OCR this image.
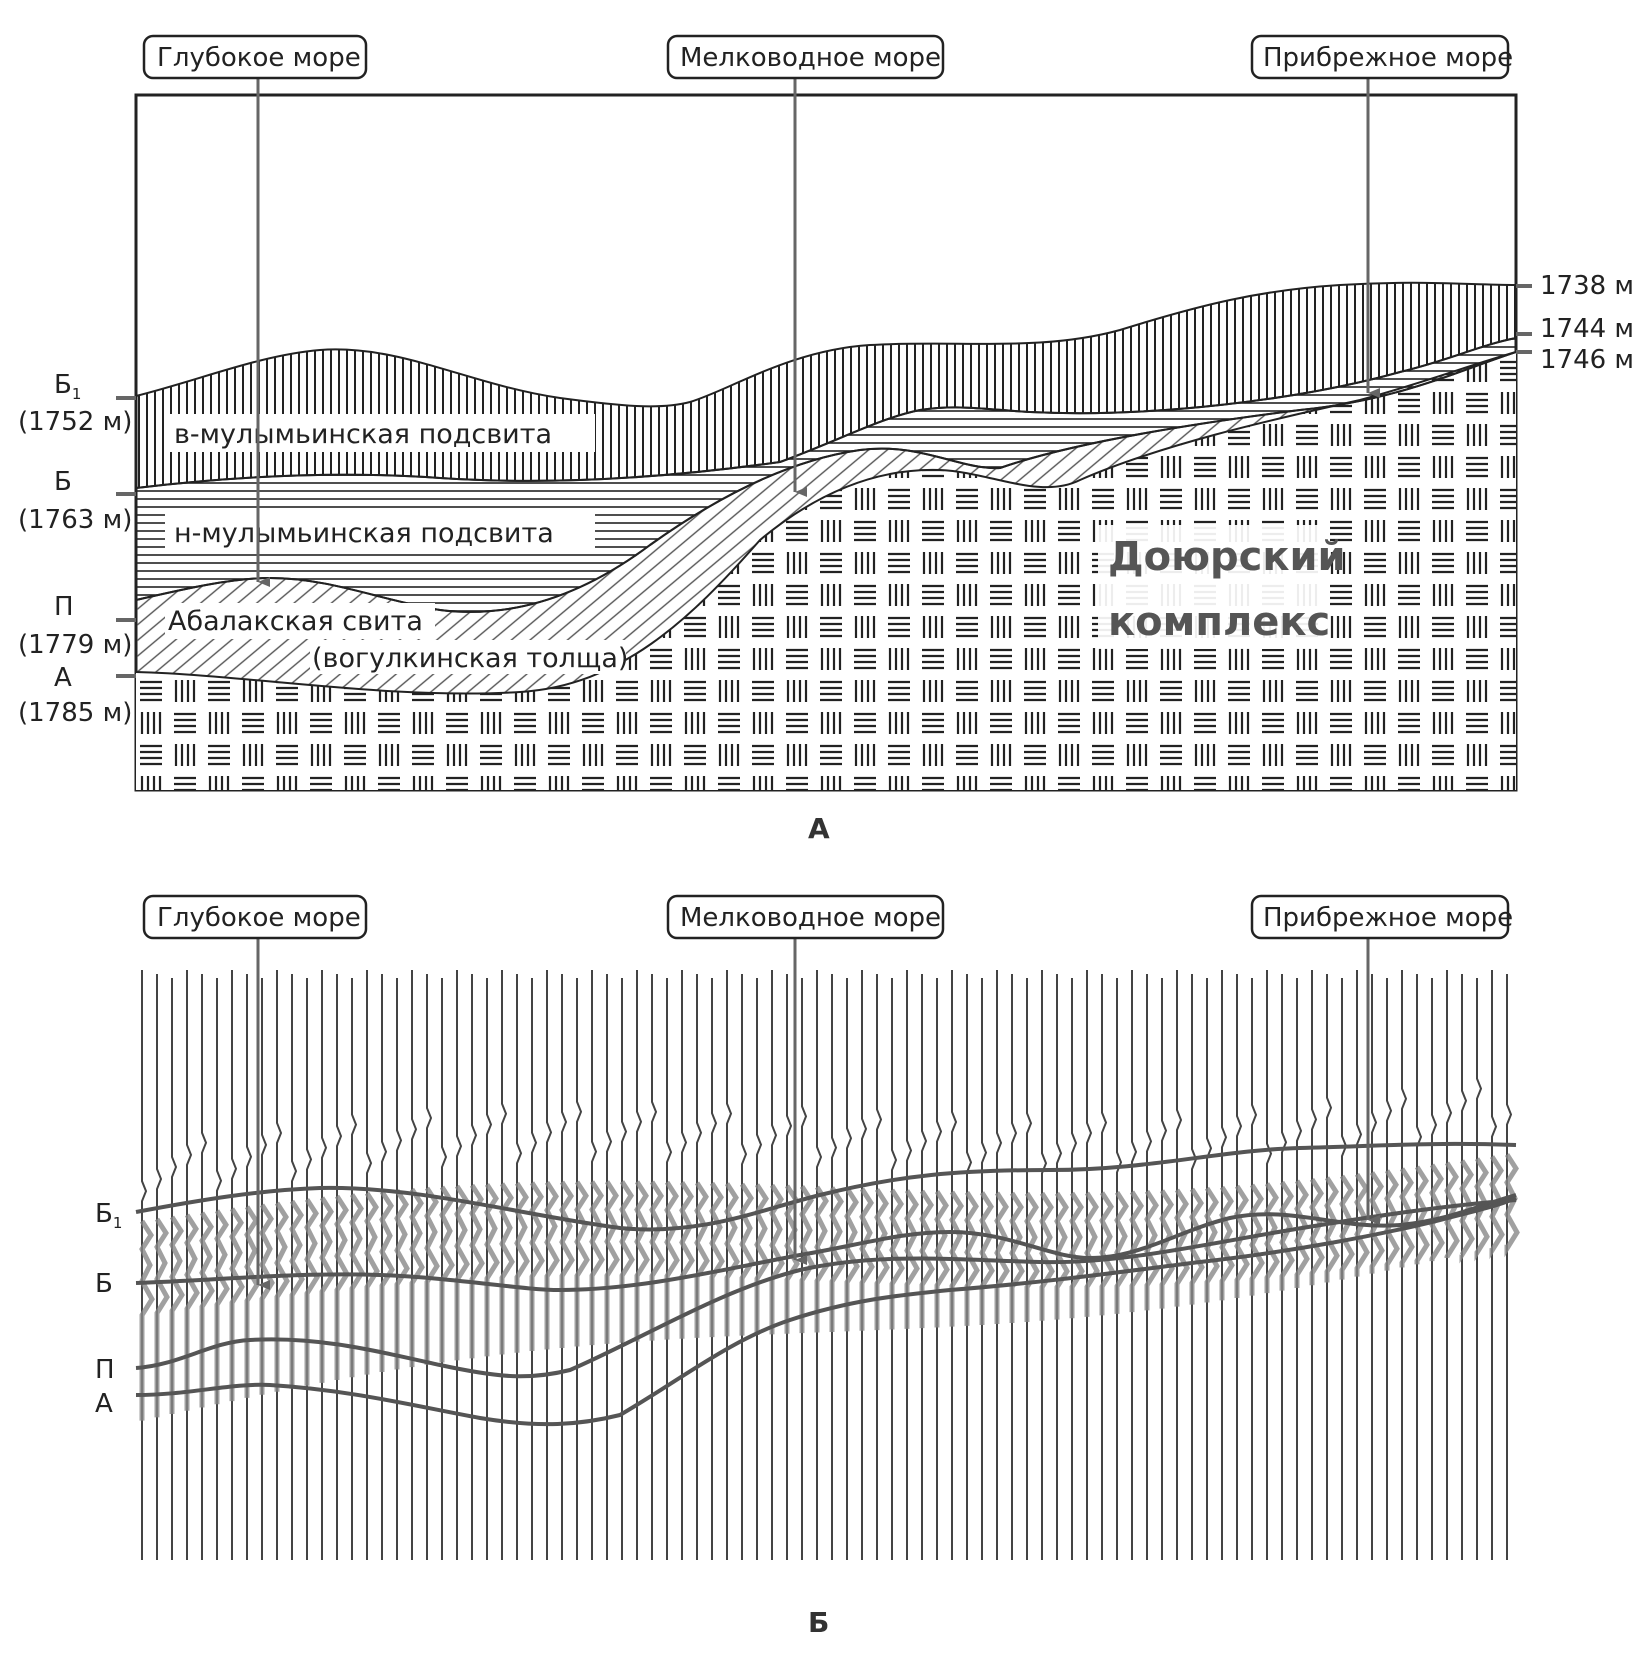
в-мулымьинская подсвита
н-мулымьинская подсвита
Абалакская свита
(вогулкинская толща)
Доюрский
комплекс
$Б_1$
(1752 м)
Б
(1763 м)
П
(1779 м)
А
(1785 м)
1738 м
1744 м
1746 м
Глубокое море	Мелководное море	Прибрежное море
А
Глубокое море	Мелководное море	Прибрежное море
$Б_1$
Б
П
А
Б
